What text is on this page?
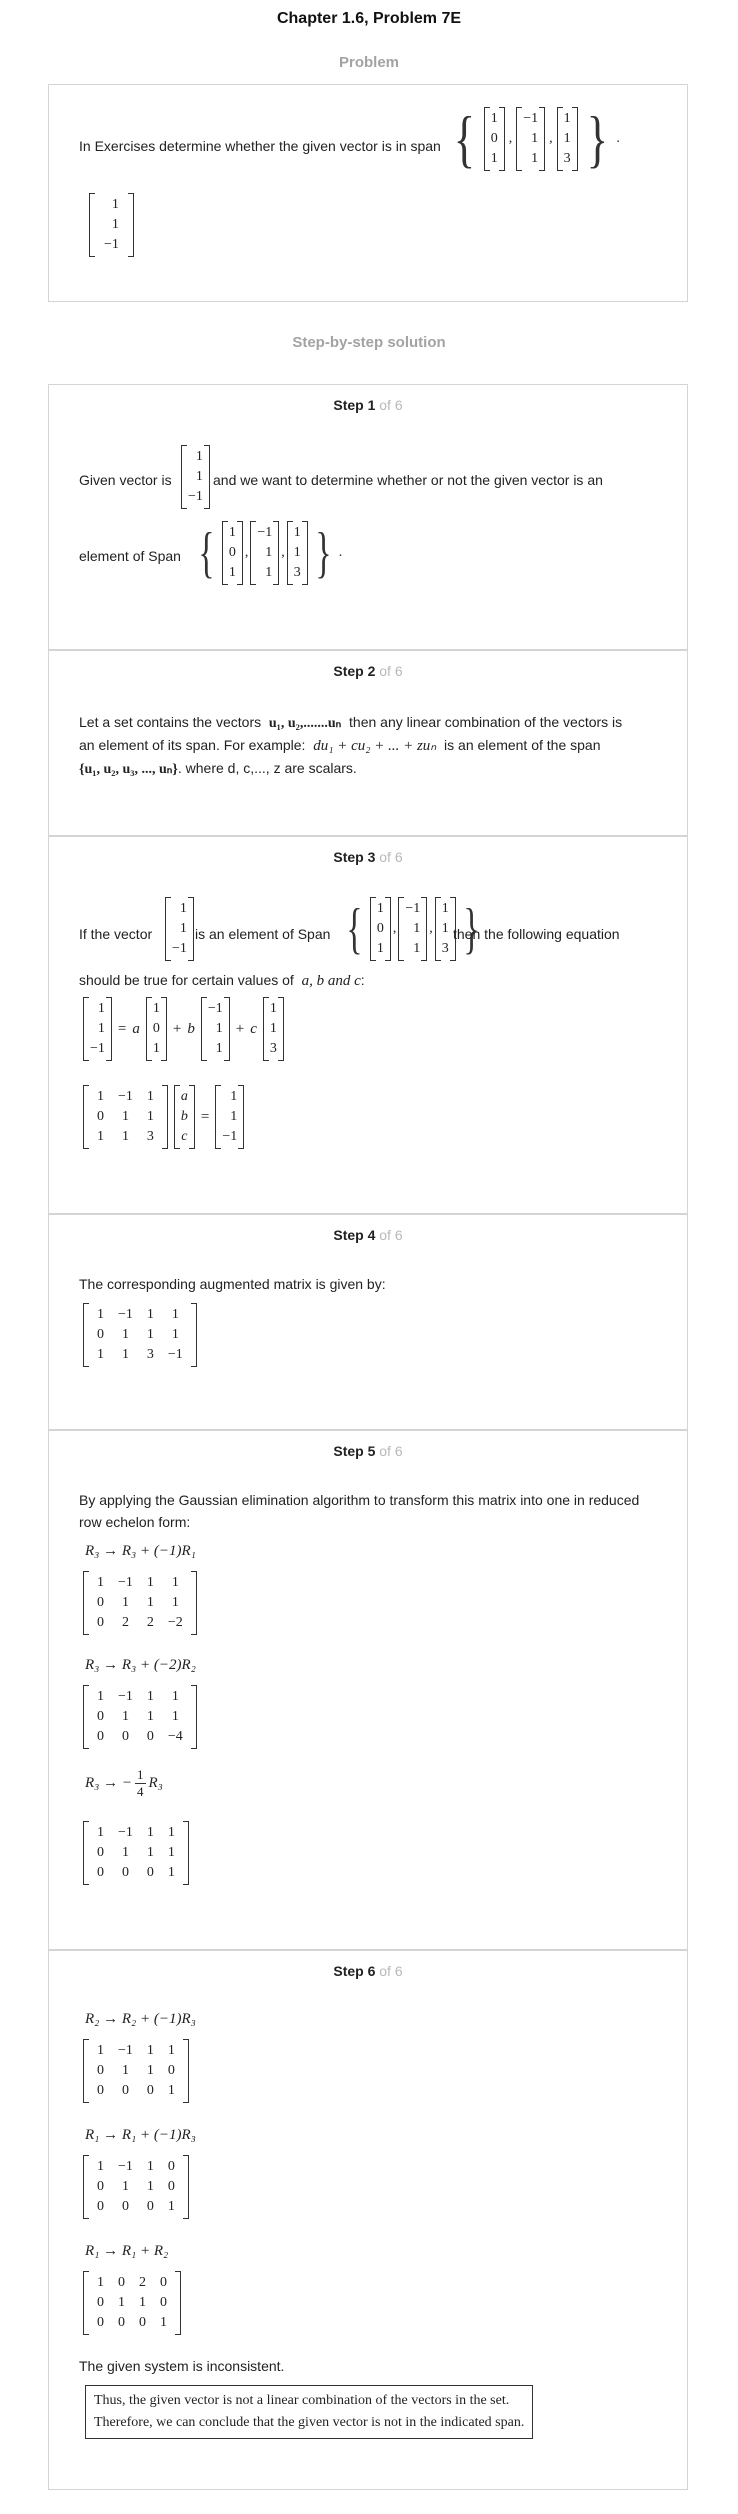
Chapter 1.6, Problem 7E
Problem
In Exercises determine whether the given vector is in span { 1
0
1
,
−1
1
1
,
1
1
3 } .
1
1
−1
Step-by-step solution
Step 1 of 6
Given vector is
1
1
−1
and we want to determine whether or not the given vector is an
element of Span { 1
0
1
,
−1
1
1
,
1
1
3 } .
Step 2 of 6
Let a set contains the vectors u₁, u₂,.......uₙ then any linear combination of the vectors is
an element of its span. For example: du₁ + cu₂ + ... + zuₙ is an element of the span
{u₁, u₂, u₃, ..., uₙ}. where d, c,..., z are scalars.
Step 3 of 6
If the vector
1
1
−1
is an element of Span { 1
0
1
,
−1
1
1
,
1
1
3 }
then the following equation
should be true for certain values of a, b and c:
1
1
−1
= a
1
0
1
+ b
−1
1
1
+ c
1
1
3
1	−1	1
0	1	1
1	1	3
a
b
c
=
1
1
−1
Step 4 of 6
The corresponding augmented matrix is given by:
1	−1	1	1
0	1	1	1
1	1	3	−1
Step 5 of 6
By applying the Gaussian elimination algorithm to transform this matrix into one in reduced
row echelon form:
R₃ → R₃ + (−1)R₁
1	−1	1	1
0	1	1	1
0	2	2	−2
R₃ → R₃ + (−2)R₂
1	−1	1	1
0	1	1	1
0	0	0	−4
R₃ → − $\frac{1}{4} R_3$
1	−1	1	1
0	1	1	1
0	0	0	1
Step 6 of 6
R₂ → R₂ + (−1)R₃
1	−1	1	1
0	1	1	0
0	0	0	1
R₁ → R₁ + (−1)R₃
1	−1	1	0
0	1	1	0
0	0	0	1
R₁ → R₁ + R₂
1	0	2	0
0	1	1	0
0	0	0	1
The given system is inconsistent.
Thus, the given vector is not a linear combination of the vectors in the set.
Therefore, we can conclude that the given vector is not in the indicated span.
